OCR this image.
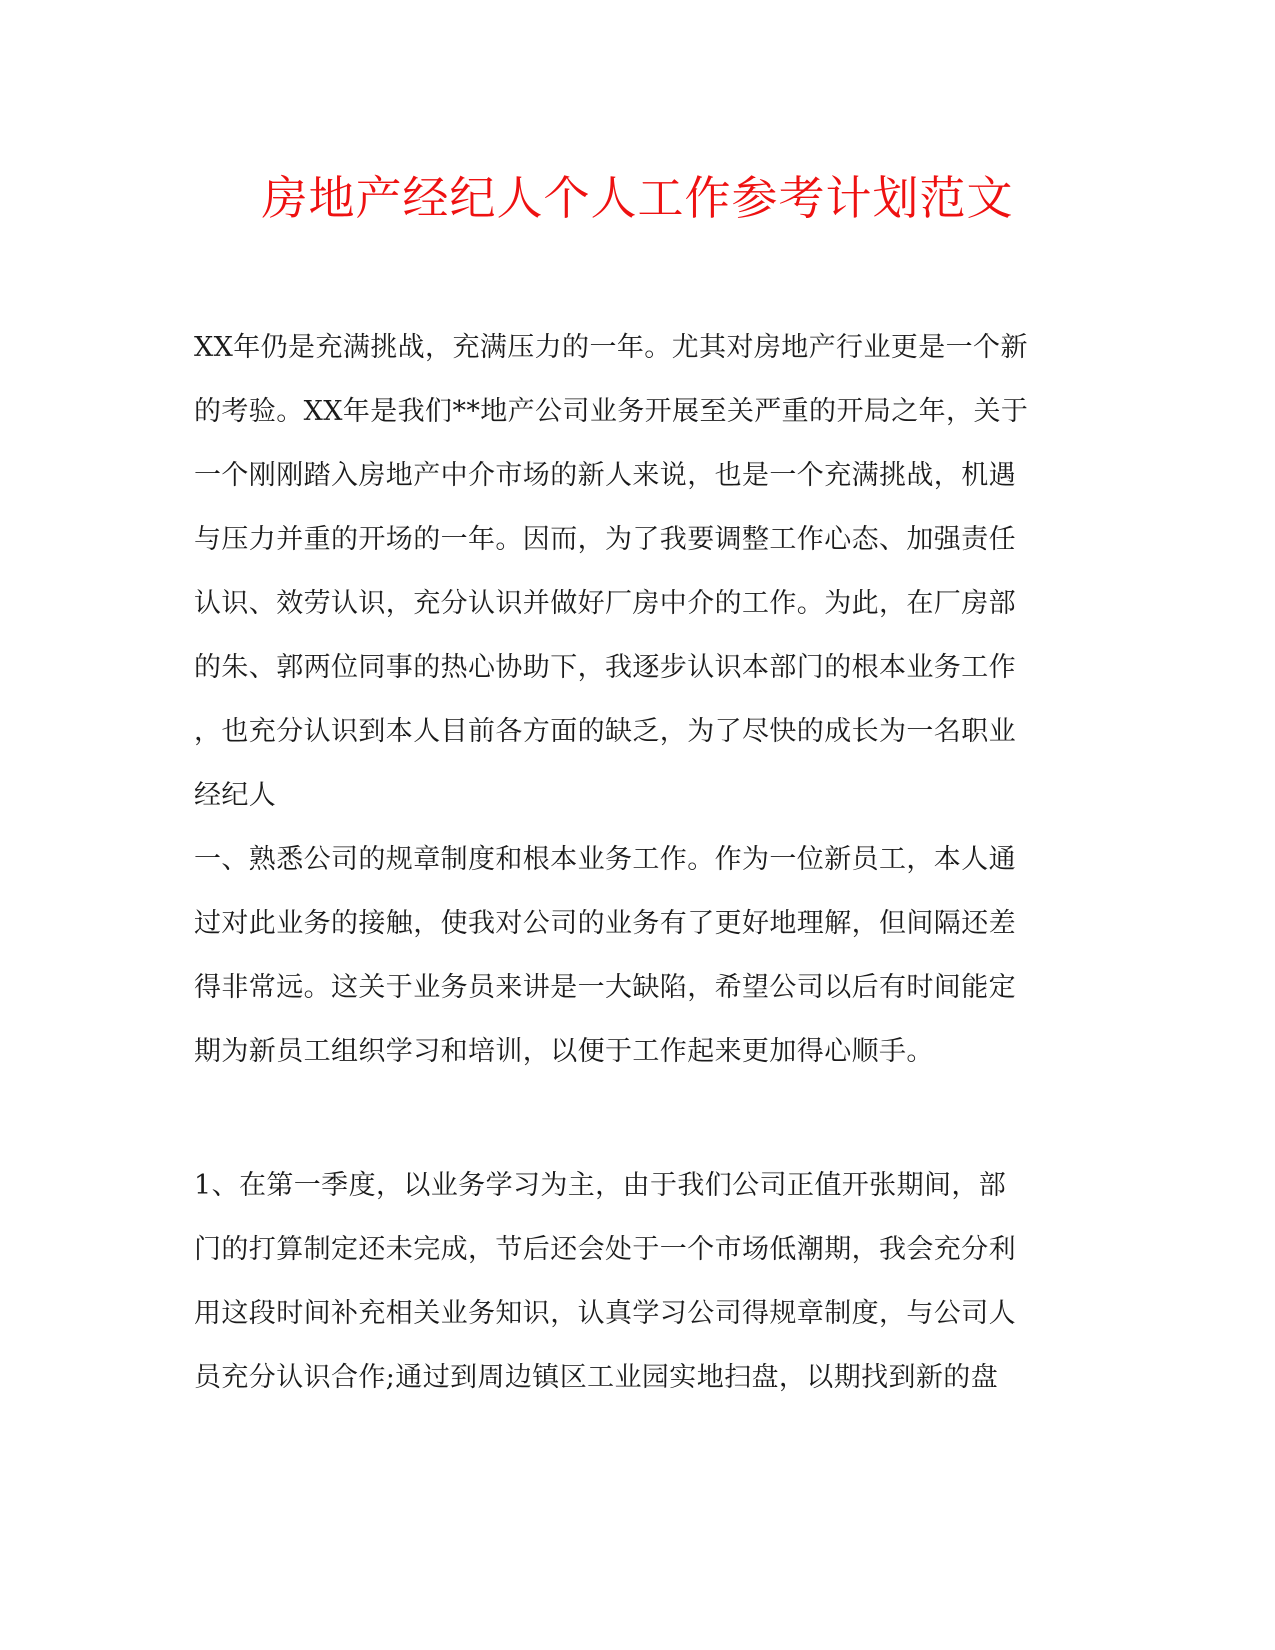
房地产经纪人个人工作参考计划范文
XX年仍是充满挑战，充满压力的一年。尤其对房地产行业更是一个新
的考验。XX年是我们**地产公司业务开展至关严重的开局之年，关于
一个刚刚踏入房地产中介市场的新人来说，也是一个充满挑战，机遇
与压力并重的开场的一年。因而，为了我要调整工作心态、加强责任
认识、效劳认识，充分认识并做好厂房中介的工作。为此，在厂房部
的朱、郭两位同事的热心协助下，我逐步认识本部门的根本业务工作
，也充分认识到本人目前各方面的缺乏，为了尽快的成长为一名职业
经纪人
一、熟悉公司的规章制度和根本业务工作。作为一位新员工，本人通
过对此业务的接触，使我对公司的业务有了更好地理解，但间隔还差
得非常远。这关于业务员来讲是一大缺陷，希望公司以后有时间能定
期为新员工组织学习和培训，以便于工作起来更加得心顺手。
1、在第一季度，以业务学习为主，由于我们公司正值开张期间，部
门的打算制定还未完成，节后还会处于一个市场低潮期，我会充分利
用这段时间补充相关业务知识，认真学习公司得规章制度，与公司人
员充分认识合作;通过到周边镇区工业园实地扫盘，以期找到新的盘
